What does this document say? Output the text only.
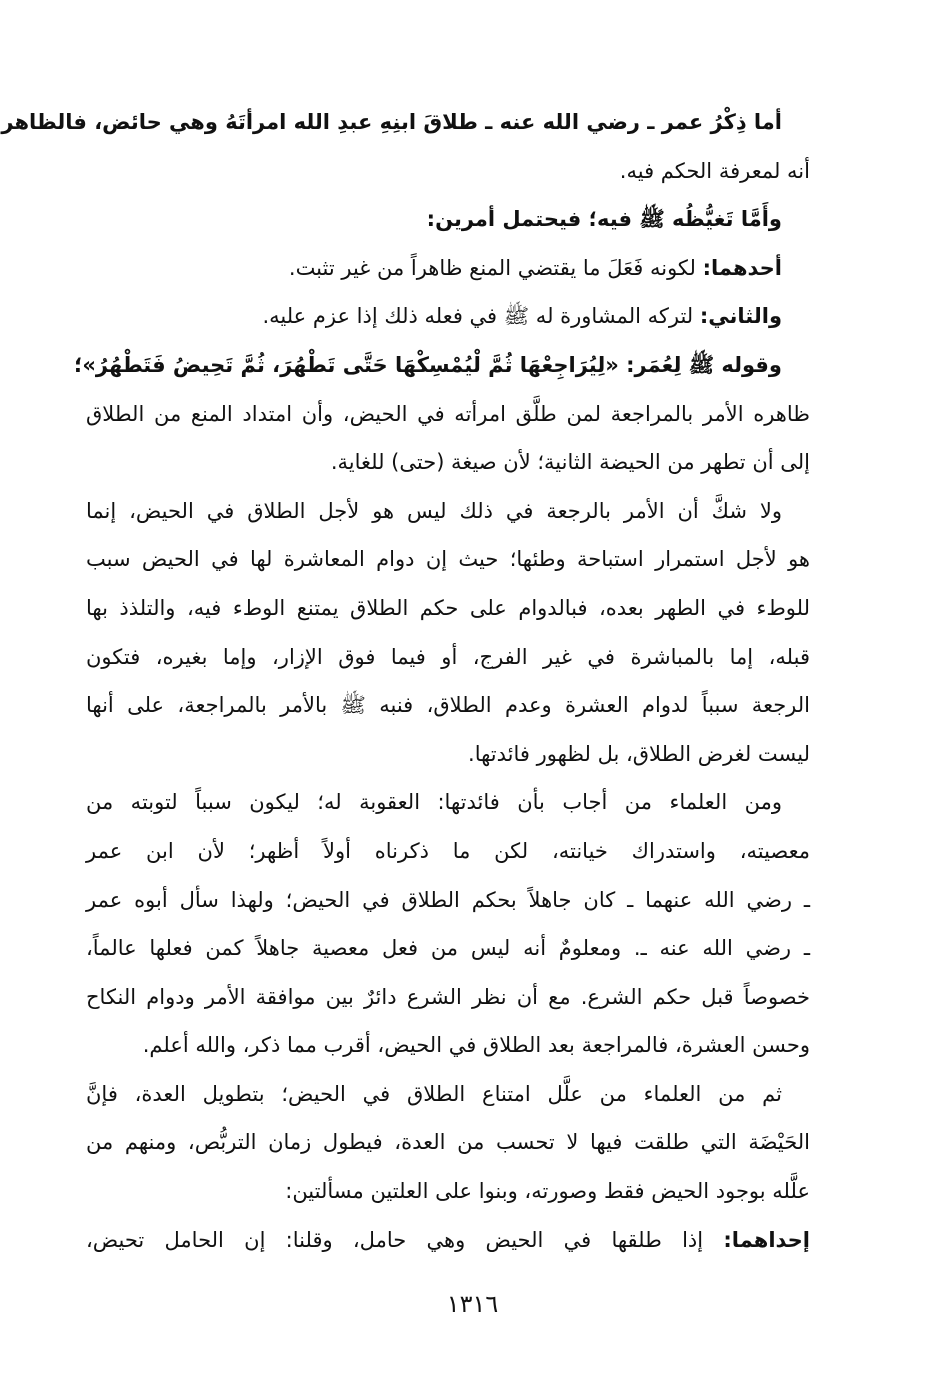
أما ذِكْرُ عمر ـ رضي الله عنه ـ طلاقَ ابنِهِ عبدِ الله امرأتَهُ وهي حائض، فالظاهر
أنه لمعرفة الحكم فيه.
وأَمَّا تَغيُّظُه ﷺ فيه؛ فيحتمل أمرين:
أحدهما: لكونه فَعَلَ ما يقتضي المنع ظاهراً من غير تثبت.
والثاني: لتركه المشاورة له ﷺ في فعله ذلك إذا عزم عليه.
وقوله ﷺ لِعُمَر: «لِيُرَاجِعْهَا ثُمَّ لْيُمْسِكْهَا حَتَّى تَطْهُرَ، ثُمَّ تَحِيضُ فَتَطْهُرُ»؛
ظاهره الأمر بالمراجعة لمن طلَّق امرأته في الحيض، وأن امتداد المنع من الطلاق
إلى أن تطهر من الحيضة الثانية؛ لأن صيغة (حتى) للغاية.
ولا شكَّ أن الأمر بالرجعة في ذلك ليس هو لأجل الطلاق في الحيض، إنما
هو لأجل استمرار استباحة وطئها؛ حيث إن دوام المعاشرة لها في الحيض سبب
للوطء في الطهر بعده، فبالدوام على حكم الطلاق يمتنع الوطء فيه، والتلذذ بها
قبله، إما بالمباشرة في غير الفرج، أو فيما فوق الإزار، وإما بغيره، فتكون
الرجعة سبباً لدوام العشرة وعدم الطلاق، فنبه ﷺ بالأمر بالمراجعة، على أنها
ليست لغرض الطلاق، بل لظهور فائدتها.
ومن العلماء من أجاب بأن فائدتها: العقوبة له؛ ليكون سبباً لتوبته من
معصيته، واستدراك خيانته، لكن ما ذكرناه أولاً أظهر؛ لأن ابن عمر
ـ رضي الله عنهما ـ كان جاهلاً بحكم الطلاق في الحيض؛ ولهذا سأل أبوه عمر
ـ رضي الله عنه ـ. ومعلومٌ أنه ليس من فعل معصية جاهلاً كمن فعلها عالماً،
خصوصاً قبل حكم الشرع. مع أن نظر الشرع دائرٌ بين موافقة الأمر ودوام النكاح
وحسن العشرة، فالمراجعة بعد الطلاق في الحيض، أقرب مما ذكر، والله أعلم.
ثم من العلماء من علَّل امتناع الطلاق في الحيض؛ بتطويل العدة، فإنَّ
الحَيْضَة التي طلقت فيها لا تحسب من العدة، فيطول زمان التربُّص، ومنهم من
علَّله بوجود الحيض فقط وصورته، وبنوا على العلتين مسألتين:
إحداهما: إذا طلقها في الحيض وهي حامل، وقلنا: إن الحامل تحيض،
١٣١٦
